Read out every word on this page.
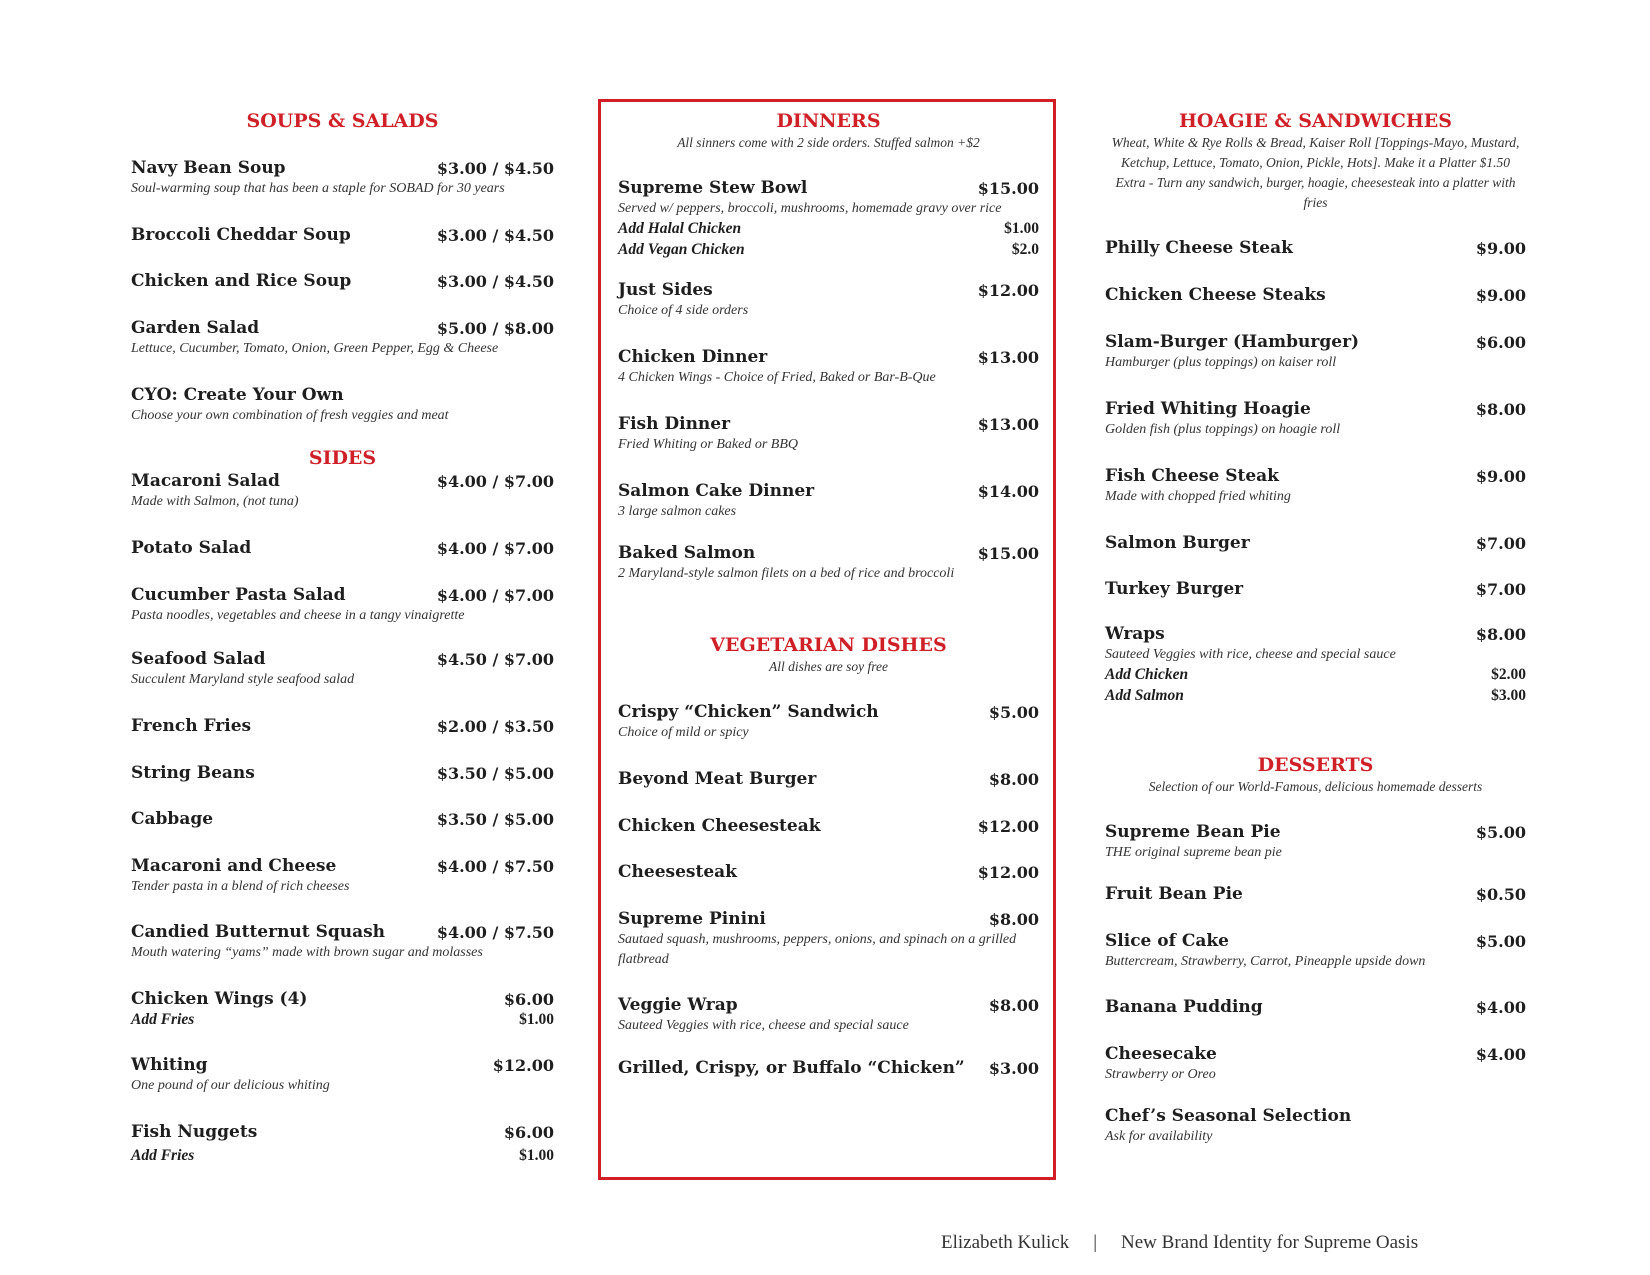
SOUPS & SALADS
Navy Bean Soup	$3.00 / $4.50
Soul-warming soup that has been a staple for SOBAD for 30 years
Broccoli Cheddar Soup	$3.00 / $4.50
Chicken and Rice Soup	$3.00 / $4.50
Garden Salad	$5.00 / $8.00
Lettuce, Cucumber, Tomato, Onion, Green Pepper, Egg & Cheese
CYO: Create Your Own
Choose your own combination of fresh veggies and meat
SIDES
Macaroni Salad	$4.00 / $7.00
Made with Salmon, (not tuna)
Potato Salad	$4.00 / $7.00
Cucumber Pasta Salad	$4.00 / $7.00
Pasta noodles, vegetables and cheese in a tangy vinaigrette
Seafood Salad	$4.50 / $7.00
Succulent Maryland style seafood salad
French Fries	$2.00 / $3.50
String Beans	$3.50 / $5.00
Cabbage	$3.50 / $5.00
Macaroni and Cheese	$4.00 / $7.50
Tender pasta in a blend of rich cheeses
Candied Butternut Squash	$4.00 / $7.50
Mouth watering “yams” made with brown sugar and molasses
Chicken Wings (4)	$6.00
Add Fries	$1.00
Whiting	$12.00
One pound of our delicious whiting
Fish Nuggets	$6.00
Add Fries	$1.00
DINNERS
All sinners come with 2 side orders. Stuffed salmon +$2
Supreme Stew Bowl	$15.00
Served w/ peppers, broccoli, mushrooms, homemade gravy over rice
Add Halal Chicken	$1.00
Add Vegan Chicken	$2.0
Just Sides	$12.00
Choice of 4 side orders
Chicken Dinner	$13.00
4 Chicken Wings - Choice of Fried, Baked or Bar-B-Que
Fish Dinner	$13.00
Fried Whiting or Baked or BBQ
Salmon Cake Dinner	$14.00
3 large salmon cakes
Baked Salmon	$15.00
2 Maryland-style salmon filets on a bed of rice and broccoli
VEGETARIAN DISHES
All dishes are soy free
Crispy “Chicken” Sandwich	$5.00
Choice of mild or spicy
Beyond Meat Burger	$8.00
Chicken Cheesesteak	$12.00
Cheesesteak	$12.00
Supreme Pinini	$8.00
Sautaed squash, mushrooms, peppers, onions, and spinach on a grilled flatbread
Veggie Wrap	$8.00
Sauteed Veggies with rice, cheese and special sauce
Grilled, Crispy, or Buffalo “Chicken” $3.00
HOAGIE & SANDWICHES
Wheat, White & Rye Rolls & Bread, Kaiser Roll [Toppings-Mayo, Mustard, Ketchup, Lettuce, Tomato, Onion, Pickle, Hots]. Make it a Platter $1.50 Extra - Turn any sandwich, burger, hoagie, cheesesteak into a platter with fries
Philly Cheese Steak	$9.00
Chicken Cheese Steaks	$9.00
Slam-Burger (Hamburger)	$6.00
Hamburger (plus toppings) on kaiser roll
Fried Whiting Hoagie	$8.00
Golden fish (plus toppings) on hoagie roll
Fish Cheese Steak	$9.00
Made with chopped fried whiting
Salmon Burger	$7.00
Turkey Burger	$7.00
Wraps	$8.00
Sauteed Veggies with rice, cheese and special sauce
Add Chicken	$2.00
Add Salmon	$3.00
DESSERTS
Selection of our World-Famous, delicious homemade desserts
Supreme Bean Pie	$5.00
THE original supreme bean pie
Fruit Bean Pie	$0.50
Slice of Cake	$5.00
Buttercream, Strawberry, Carrot, Pineapple upside down
Banana Pudding	$4.00
Cheesecake	$4.00
Strawberry or Oreo
Chef’s Seasonal Selection
Ask for availability
Elizabeth Kulick | New Brand Identity for Supreme Oasis
